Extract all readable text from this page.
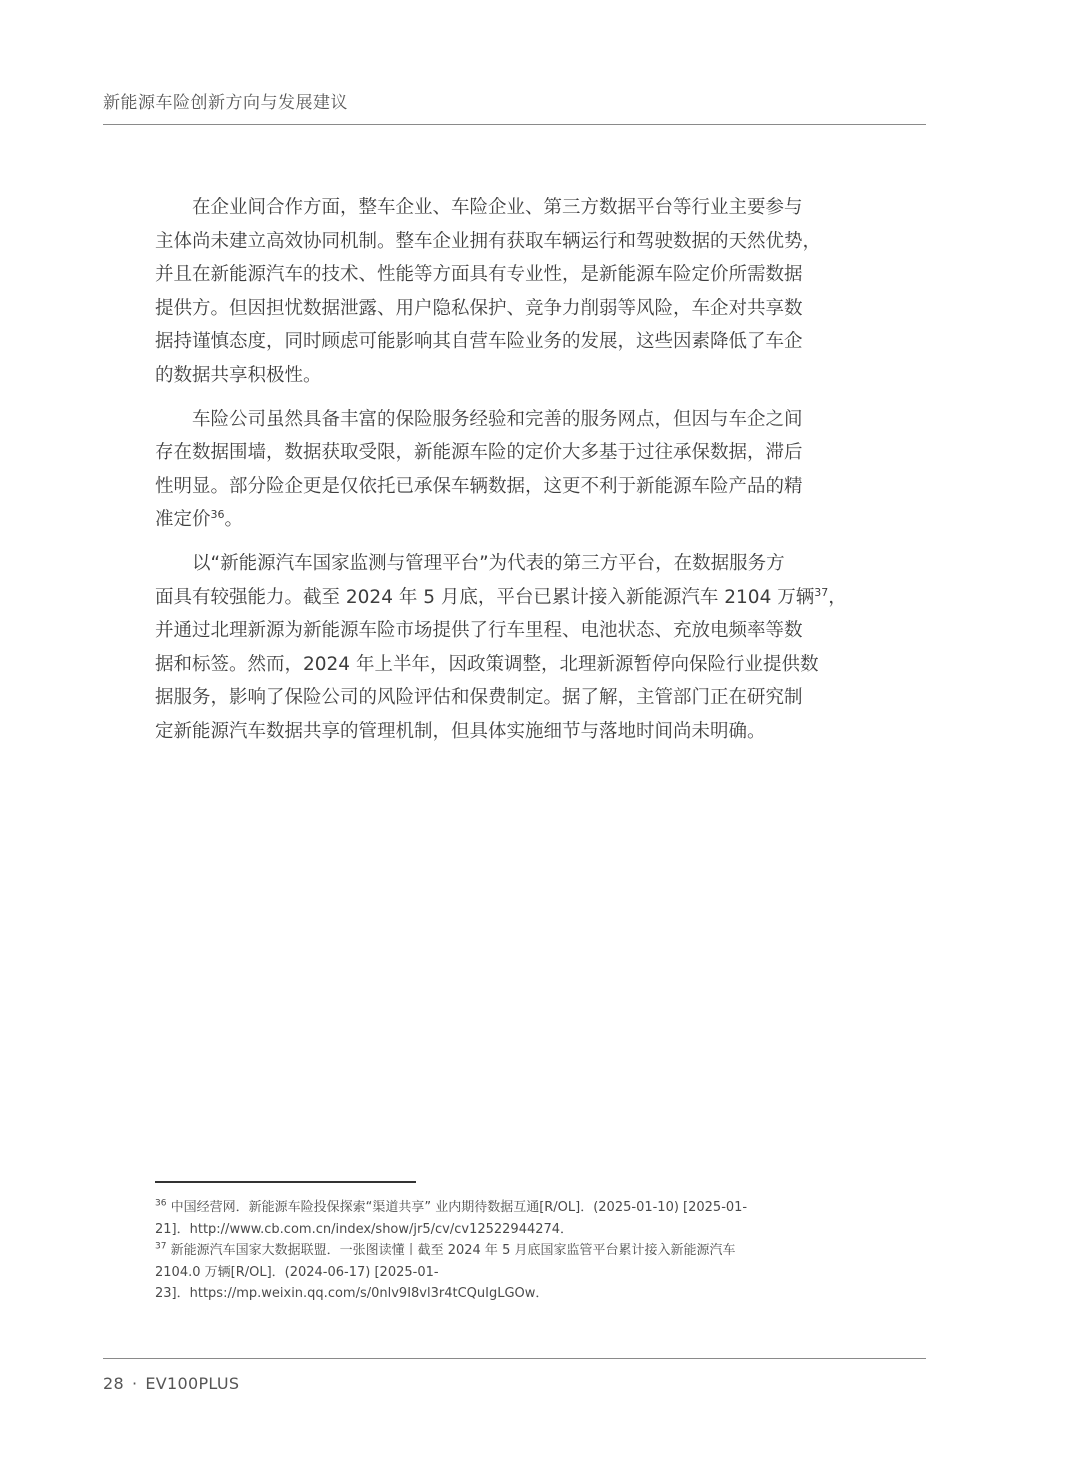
新能源车险创新方向与发展建议

在企业间合作方面，整车企业、车险企业、第三方数据平台等行业主要参与
主体尚未建立高效协同机制。整车企业拥有获取车辆运行和驾驶数据的天然优势，
并且在新能源汽车的技术、性能等方面具有专业性，是新能源车险定价所需数据
提供方。但因担忧数据泄露、用户隐私保护、竞争力削弱等风险，车企对共享数
据持谨慎态度，同时顾虑可能影响其自营车险业务的发展，这些因素降低了车企
的数据共享积极性。

车险公司虽然具备丰富的保险服务经验和完善的服务网点，但因与车企之间
存在数据围墙，数据获取受限，新能源车险的定价大多基于过往承保数据，滞后
性明显。部分险企更是仅依托已承保车辆数据，这更不利于新能源车险产品的精
准定价$^{36}$。

以“新能源汽车国家监测与管理平台”为代表的第三方平台，在数据服务方
面具有较强能力。截至 2024 年 5 月底，平台已累计接入新能源汽车 2104 万辆$^{37}$，
并通过北理新源为新能源车险市场提供了行车里程、电池状态、充放电频率等数
据和标签。然而，2024 年上半年，因政策调整，北理新源暂停向保险行业提供数
据服务，影响了保险公司的风险评估和保费制定。据了解，主管部门正在研究制
定新能源汽车数据共享的管理机制，但具体实施细节与落地时间尚未明确。

$^{36}$ 中国经营网．新能源车险投保探索“渠道共享” 业内期待数据互通[R/OL]．(2025-01-10) [2025-01-
21]．http://www.cb.com.cn/index/show/jr5/cv/cv12522944274．
$^{37}$ 新能源汽车国家大数据联盟．一张图读懂丨截至 2024 年 5 月底国家监管平台累计接入新能源汽车
2104.0 万辆[R/OL]．(2024-06-17) [2025-01-
23]．https://mp.weixin.qq.com/s/0nlv9I8vl3r4tCQuIgLGOw．
28 · EV100PLUS
